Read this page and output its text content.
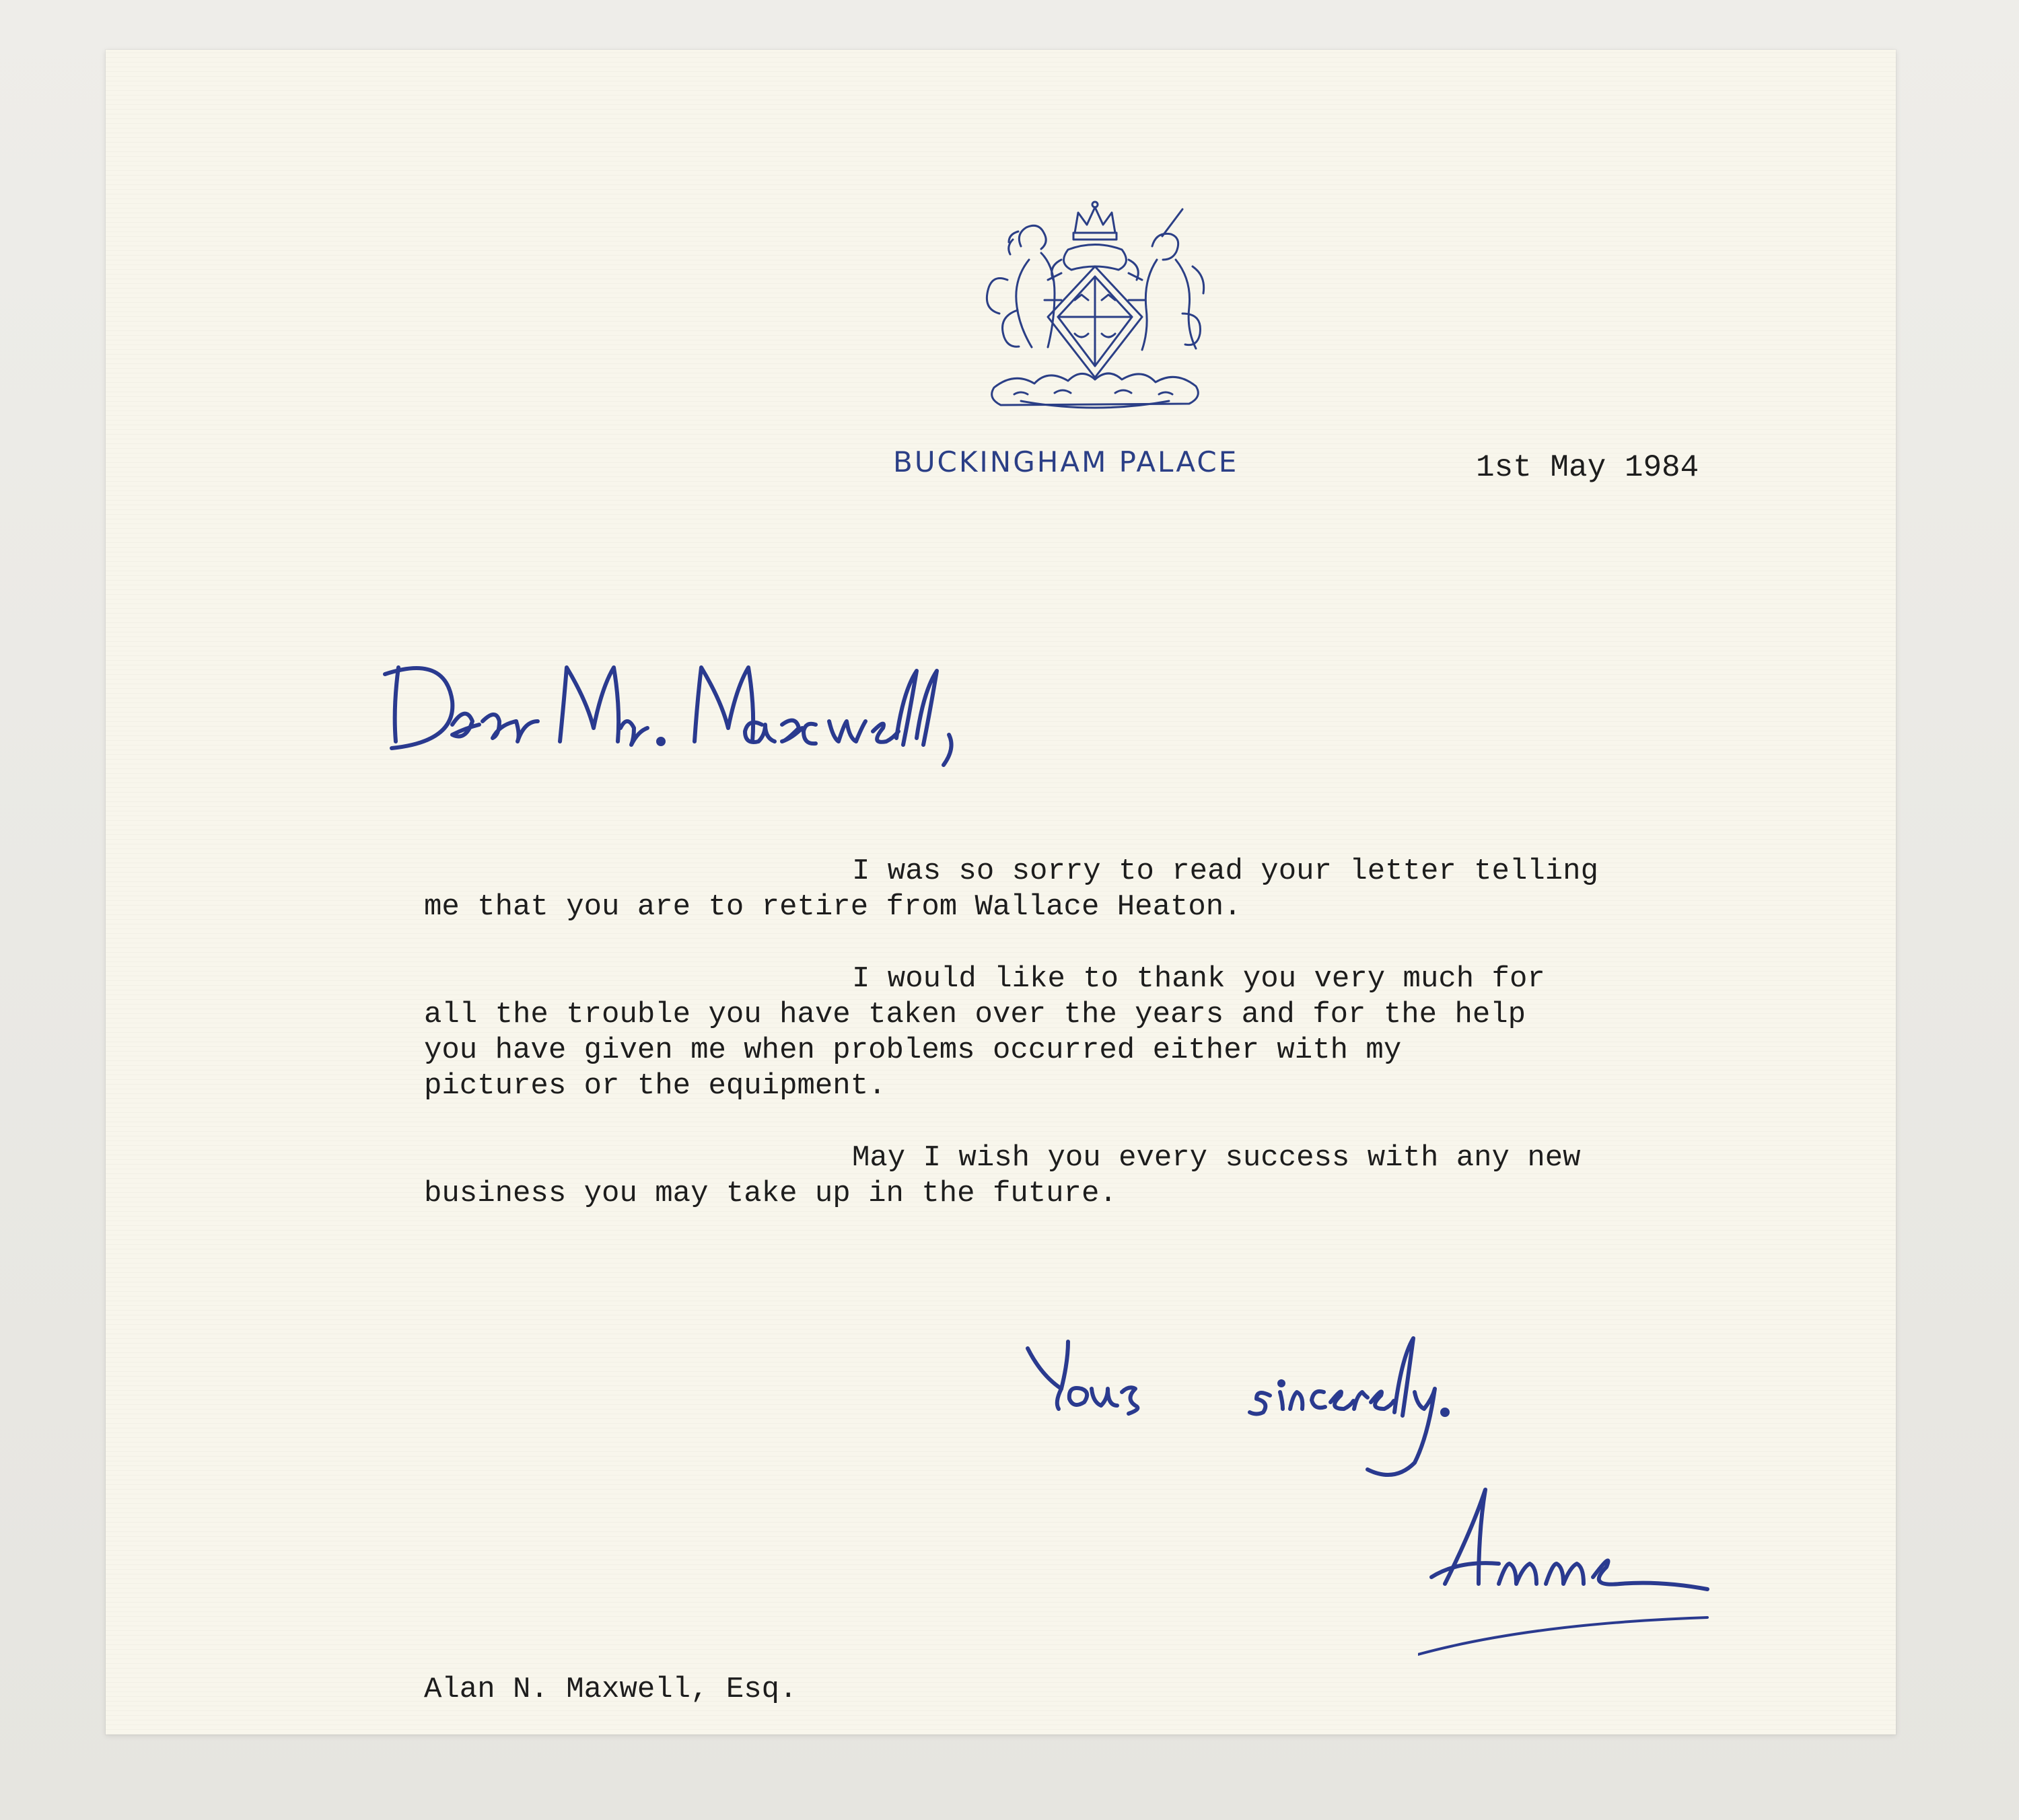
BUCKINGHAM PALACE	1st May 1984

I was so sorry to read your letter telling
me that you are to retire from Wallace Heaton.

I would like to thank you very much for
all the trouble you have taken over the years and for the help
you have given me when problems occurred either with my
pictures or the equipment.

May I wish you every success with any new
business you may take up in the future.

Alan N. Maxwell, Esq.
